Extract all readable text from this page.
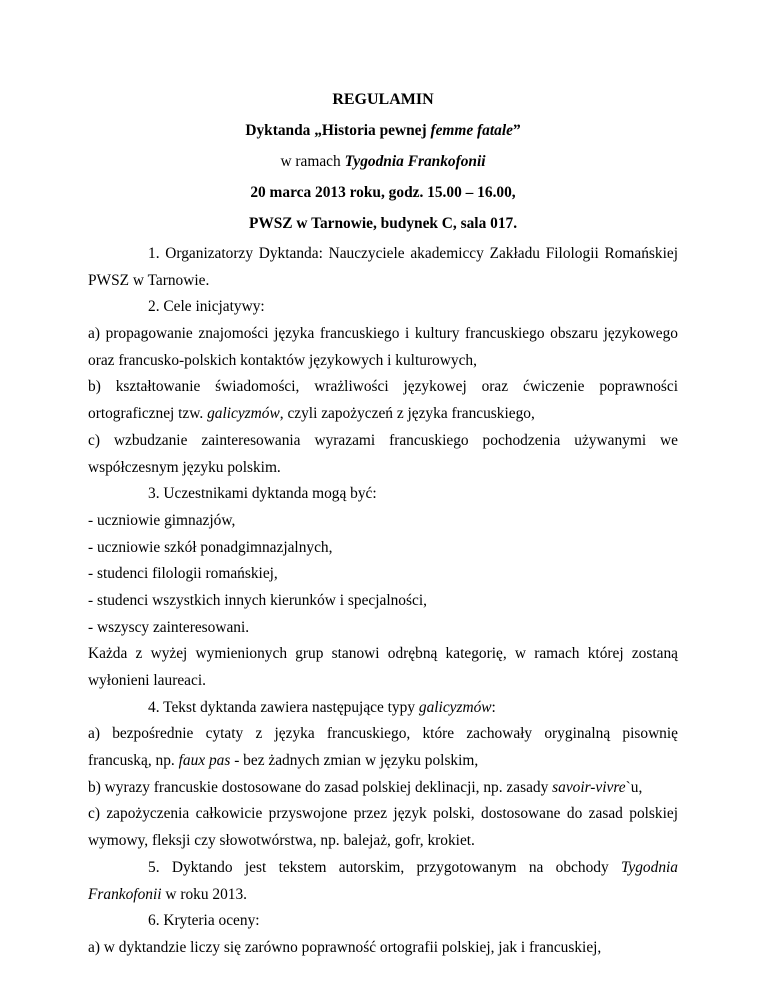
REGULAMIN
Dyktanda „Historia pewnej femme fatale”
w ramach Tygodnia Frankofonii
20 marca 2013 roku, godz. 15.00 – 16.00,
PWSZ w Tarnowie, budynek C, sala 017.
1. Organizatorzy Dyktanda: Nauczyciele akademiccy Zakładu Filologii Romańskiej
PWSZ w Tarnowie.
2. Cele inicjatywy:
a) propagowanie znajomości języka francuskiego i kultury francuskiego obszaru językowego
oraz francusko-polskich kontaktów językowych i kulturowych,
b) kształtowanie świadomości, wrażliwości językowej oraz ćwiczenie poprawności
ortograficznej tzw. galicyzmów, czyli zapożyczeń z języka francuskiego,
c) wzbudzanie zainteresowania wyrazami francuskiego pochodzenia używanymi we
współczesnym języku polskim.
3. Uczestnikami dyktanda mogą być:
- uczniowie gimnazjów,
- uczniowie szkół ponadgimnazjalnych,
- studenci filologii romańskiej,
- studenci wszystkich innych kierunków i specjalności,
- wszyscy zainteresowani.
Każda z wyżej wymienionych grup stanowi odrębną kategorię, w ramach której zostaną
wyłonieni laureaci.
4. Tekst dyktanda zawiera następujące typy galicyzmów:
a) bezpośrednie cytaty z języka francuskiego, które zachowały oryginalną pisownię
francuską, np. faux pas - bez żadnych zmian w języku polskim,
b) wyrazy francuskie dostosowane do zasad polskiej deklinacji, np. zasady savoir-vivre`u,
c) zapożyczenia całkowicie przyswojone przez język polski, dostosowane do zasad polskiej
wymowy, fleksji czy słowotwórstwa, np. balejaż, gofr, krokiet.
5. Dyktando jest tekstem autorskim, przygotowanym na obchody Tygodnia
Frankofonii w roku 2013.
6. Kryteria oceny:
a) w dyktandzie liczy się zarówno poprawność ortografii polskiej, jak i francuskiej,
